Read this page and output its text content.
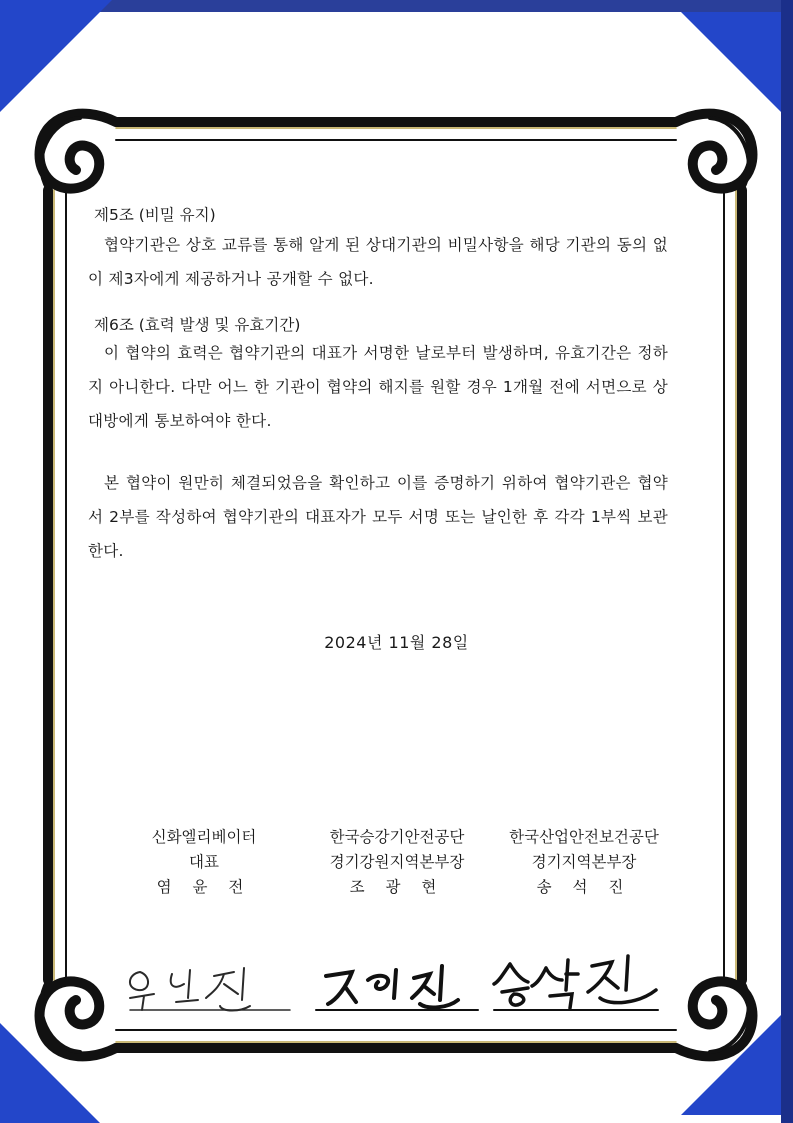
제5조 (비밀 유지)

협약기관은 상호 교류를 통해 알게 된 상대기관의 비밀사항을 해당 기관의 동의 없이 제3자에게 제공하거나 공개할 수 없다.

제6조 (효력 발생 및 유효기간)

이 협약의 효력은 협약기관의 대표가 서명한 날로부터 발생하며, 유효기간은 정하지 아니한다. 다만 어느 한 기관이 협약의 해지를 원할 경우 1개월 전에 서면으로 상대방에게 통보하여야 한다.

본 협약이 원만히 체결되었음을 확인하고 이를 증명하기 위하여 협약기관은 협약서 2부를 작성하여 협약기관의 대표자가 모두 서명 또는 날인한 후 각각 1부씩 보관한다.

2024년 11월 28일
신화엘리베이터
대표
염 윤 전
한국승강기안전공단
경기강원지역본부장
조 광 현
한국산업안전보건공단
경기지역본부장
송 석 진
